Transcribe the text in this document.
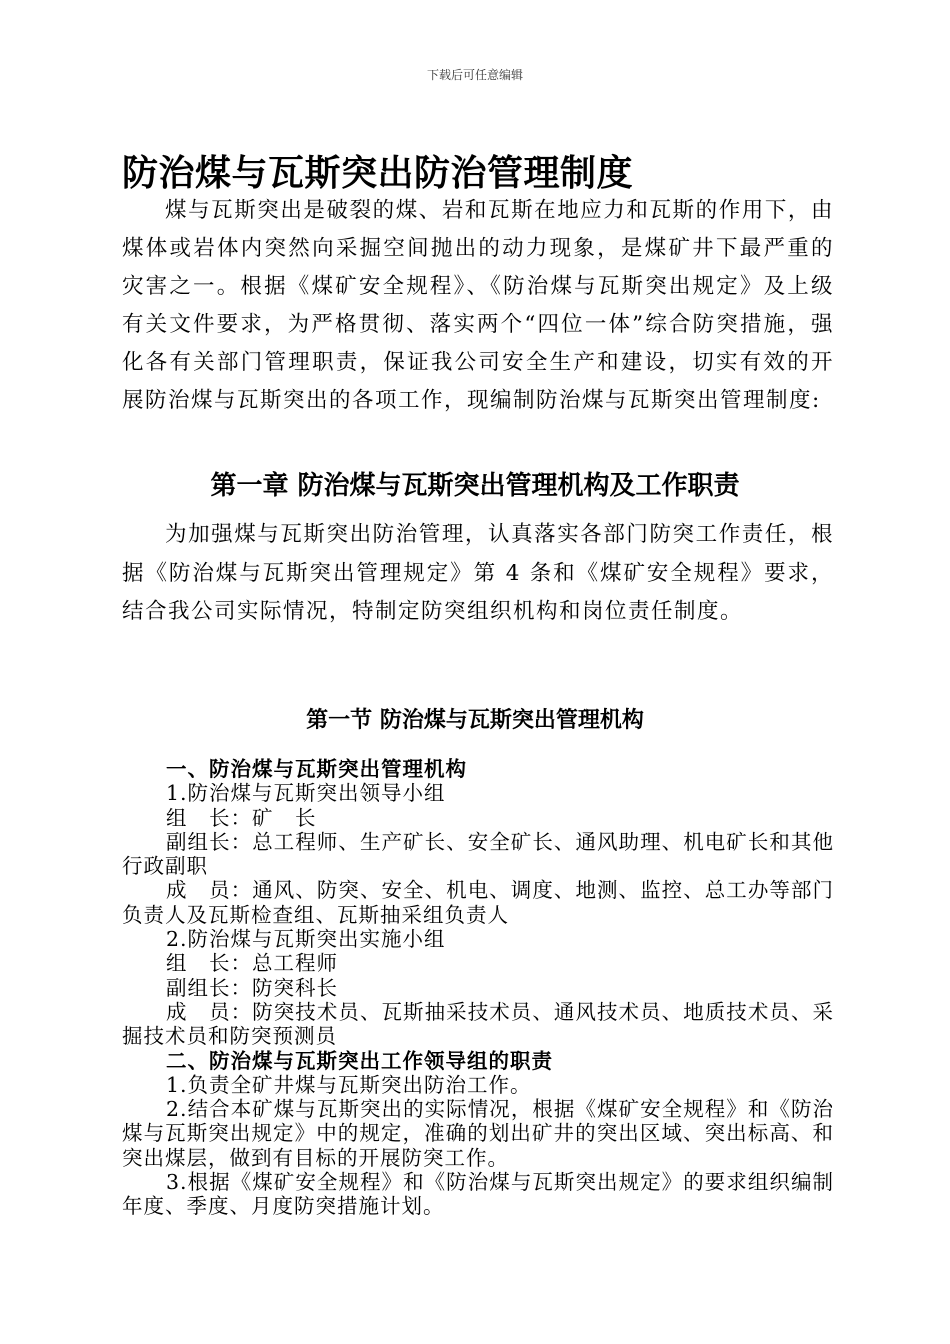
下载后可任意编辑
防治煤与瓦斯突出防治管理制度

煤与瓦斯突出是破裂的煤、岩和瓦斯在地应力和瓦斯的作用下，由煤体或岩体内突然向采掘空间抛出的动力现象，是煤矿井下最严重的灾害之一。根据《煤矿安全规程》、《防治煤与瓦斯突出规定》及上级有关文件要求，为严格贯彻、落实两个“四位一体”综合防突措施，强化各有关部门管理职责，保证我公司安全生产和建设，切实有效的开展防治煤与瓦斯突出的各项工作，现编制防治煤与瓦斯突出管理制度:

第一章 防治煤与瓦斯突出管理机构及工作职责

为加强煤与瓦斯突出防治管理，认真落实各部门防突工作责任，根据《防治煤与瓦斯突出管理规定》第 4 条和《煤矿安全规程》要求，结合我公司实际情况，特制定防突组织机构和岗位责任制度。

第一节 防治煤与瓦斯突出管理机构

一、防治煤与瓦斯突出管理机构

1.防治煤与瓦斯突出领导小组

组　长：矿　长

副组长：总工程师、生产矿长、安全矿长、通风助理、机电矿长和其他行政副职

成　员：通风、防突、安全、机电、调度、地测、监控、总工办等部门负责人及瓦斯检查组、瓦斯抽采组负责人

2.防治煤与瓦斯突出实施小组

组　长：总工程师

副组长：防突科长

成　员：防突技术员、瓦斯抽采技术员、通风技术员、地质技术员、采掘技术员和防突预测员

二、防治煤与瓦斯突出工作领导组的职责

1.负责全矿井煤与瓦斯突出防治工作。

2.结合本矿煤与瓦斯突出的实际情况，根据《煤矿安全规程》和《防治煤与瓦斯突出规定》中的规定，准确的划出矿井的突出区域、突出标高、和突出煤层，做到有目标的开展防突工作。

3.根据《煤矿安全规程》和《防治煤与瓦斯突出规定》的要求组织编制年度、季度、月度防突措施计划。
